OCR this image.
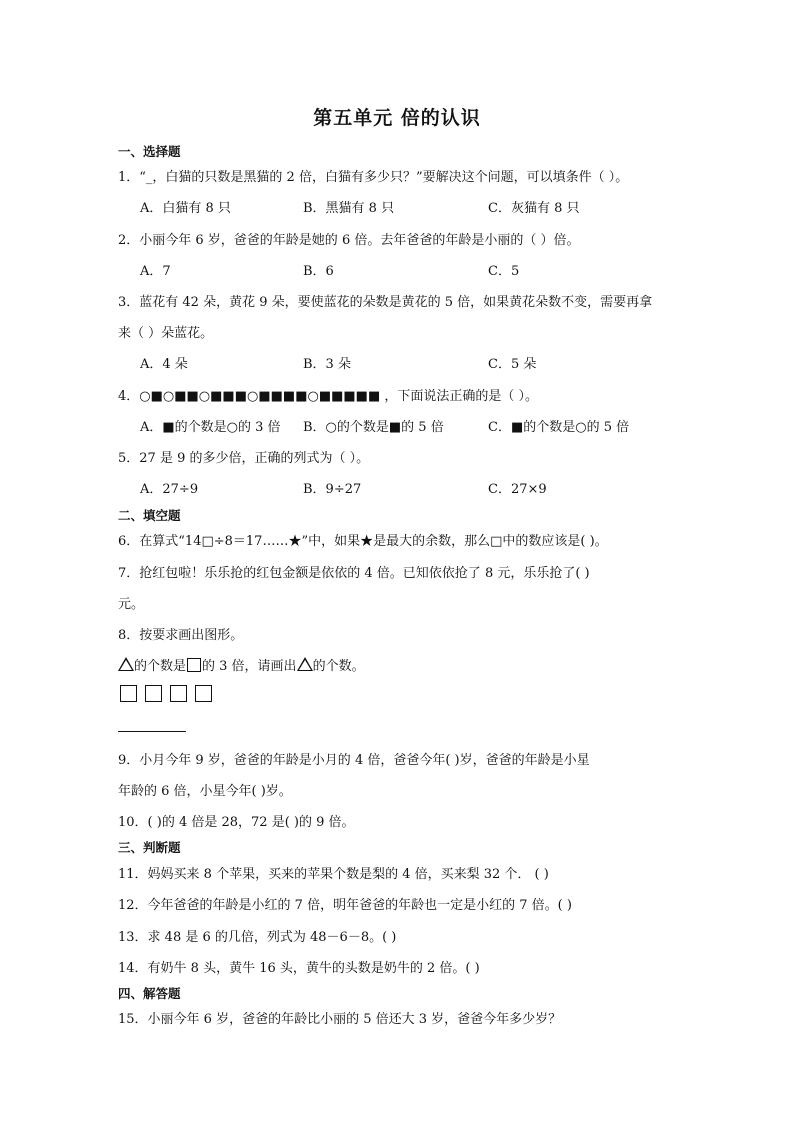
第五单元 倍的认识
一、选择题
1．“_，白猫的只数是黑猫的 2 倍，白猫有多少只？”要解决这个问题，可以填条件（ ）。
A．白猫有 8 只	B．黑猫有 8 只	C．灰猫有 8 只
2．小丽今年 6 岁，爸爸的年龄是她的 6 倍。去年爸爸的年龄是小丽的（ ）倍。
A．7	B．6	C．5
3．蓝花有 42 朵，黄花 9 朵，要使蓝花的朵数是黄花的 5 倍，如果黄花朵数不变，需要再拿
来（ ）朵蓝花。
A．4 朵	B．3 朵	C．5 朵
4．○■○■■○■■■○■■■■○■■■■■ ，下面说法正确的是（ ）。
A．■的个数是○的 3 倍 B．○的个数是■的 5 倍	C．■的个数是○的 5 倍
5．27 是 9 的多少倍，正确的列式为（ ）。
A．27÷9	B．9÷27	C．27×9
二、填空题
6．在算式“14□÷8＝17……★”中，如果★是最大的余数，那么□中的数应该是( )。
7．抢红包啦！乐乐抢的红包金额是依依的 4 倍。已知依依抢了 8 元，乐乐抢了( )
元。
8．按要求画出图形。
的个数是 的 3 倍，请画出 的个数。
9．小月今年 9 岁，爸爸的年龄是小月的 4 倍，爸爸今年( )岁，爸爸的年龄是小星
年龄的 6 倍，小星今年( )岁。
10．( )的 4 倍是 28，72 是( )的 9 倍。
三、判断题
11．妈妈买来 8 个苹果，买来的苹果个数是梨的 4 倍，买来梨 32 个． ( )
12．今年爸爸的年龄是小红的 7 倍，明年爸爸的年龄也一定是小红的 7 倍。( )
13．求 48 是 6 的几倍，列式为 48－6－8。( )
14．有奶牛 8 头，黄牛 16 头，黄牛的头数是奶牛的 2 倍。( )
四、解答题
15．小丽今年 6 岁，爸爸的年龄比小丽的 5 倍还大 3 岁，爸爸今年多少岁？
